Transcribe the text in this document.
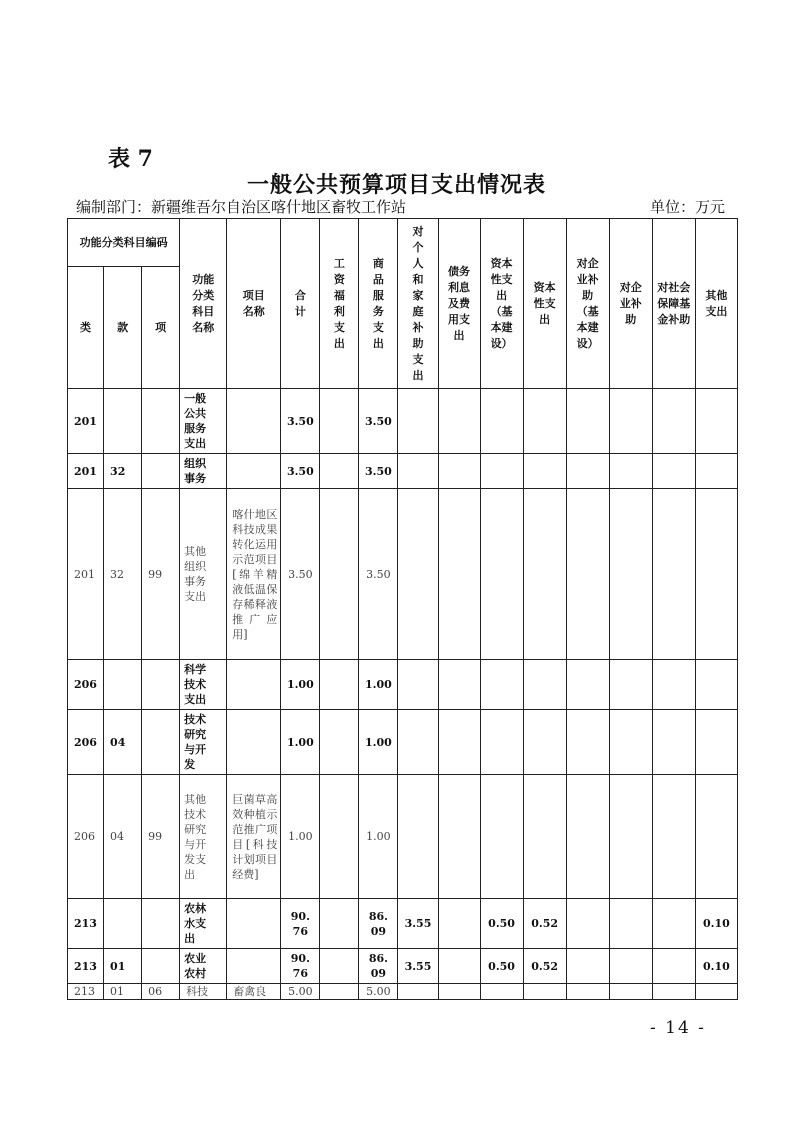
表 7
一般公共预算项目支出情况表
编制部门：新疆维吾尔自治区喀什地区畜牧工作站	单位：万元
功能分类科目编码			功能分类科目名称	项目名称	合计	工资福利支出	商品服务支出	对个人和家庭补助支出	债务利息及费用支出	资本性支出（基本建设）	资本性支出	对企业补助（基本建设）	对企业补助	对社会保障基金补助	其他支出
类	款	项													
201			一般公共服务支出		3.50		3.50								
201	32		组织事务		3.50		3.50								
201	32	99	其他组织事务支出	喀什地区科技成果转化运用示范项目[绵羊精液低温保存稀释液推广应用]	3.50		3.50								
206			科学技术支出		1.00		1.00								
206	04		技术研究与开发		1.00		1.00								
206	04	99	其他技术研究与开发支出	巨菌草高效种植示范推广项目[科技计划项目经费]	1.00		1.00								
213			农林水支出		90.76		86.09	3.55		0.50	0.52				0.10
213	01		农业农村		90.76		86.09	3.55		0.50	0.52				0.10
213	01	06	科技	畜禽良	5.00		5.00								
- 14 -
